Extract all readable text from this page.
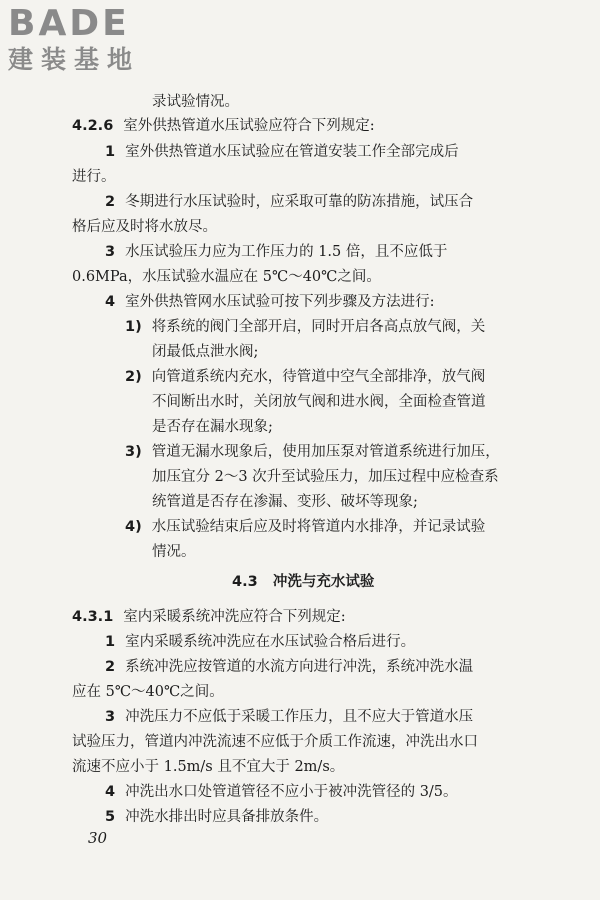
BADE
建装基地
录试验情况。
4.2.6 室外供热管道水压试验应符合下列规定:
1 室外供热管道水压试验应在管道安装工作全部完成后
进行。
2 冬期进行水压试验时，应采取可靠的防冻措施，试压合
格后应及时将水放尽。
3 水压试验压力应为工作压力的 1.5 倍，且不应低于
0.6MPa，水压试验水温应在 5℃～40℃之间。
4 室外供热管网水压试验可按下列步骤及方法进行:
1) 将系统的阀门全部开启，同时开启各高点放气阀，关
闭最低点泄水阀;
2) 向管道系统内充水，待管道中空气全部排净，放气阀
不间断出水时，关闭放气阀和进水阀，全面检查管道
是否存在漏水现象;
3) 管道无漏水现象后，使用加压泵对管道系统进行加压，
加压宜分 2～3 次升至试验压力，加压过程中应检查系
统管道是否存在渗漏、变形、破坏等现象;
4) 水压试验结束后应及时将管道内水排净，并记录试验
情况。
4.3 冲洗与充水试验
4.3.1 室内采暖系统冲洗应符合下列规定:
1 室内采暖系统冲洗应在水压试验合格后进行。
2 系统冲洗应按管道的水流方向进行冲洗，系统冲洗水温
应在 5℃～40℃之间。
3 冲洗压力不应低于采暖工作压力，且不应大于管道水压
试验压力，管道内冲洗流速不应低于介质工作流速，冲洗出水口
流速不应小于 1.5m/s 且不宜大于 2m/s。
4 冲洗出水口处管道管径不应小于被冲洗管径的 3/5。
5 冲洗水排出时应具备排放条件。
30
